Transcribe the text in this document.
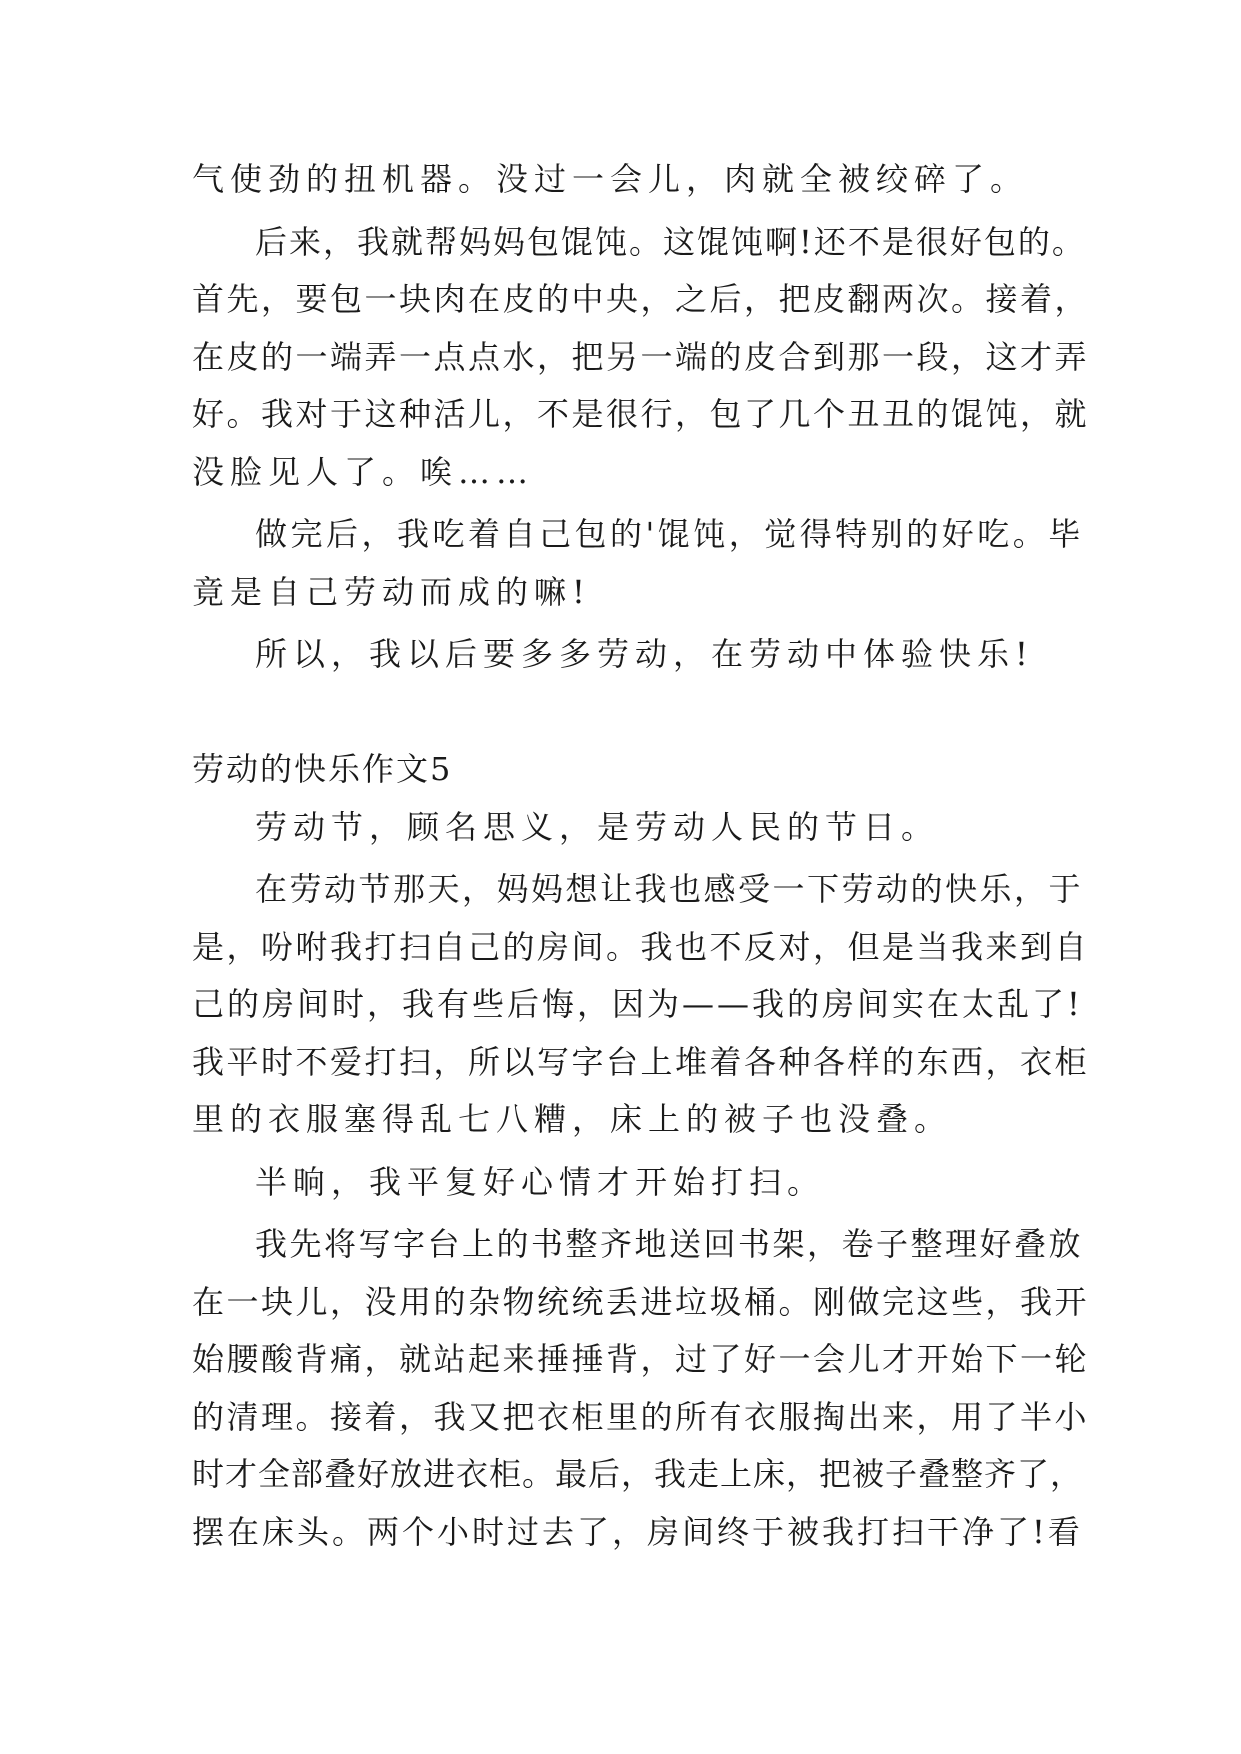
气使劲的扭机器。没过一会儿，肉就全被绞碎了。
后来，我就帮妈妈包馄饨。这馄饨啊!还不是很好包的。
首先，要包一块肉在皮的中央，之后，把皮翻两次。接着，
在皮的一端弄一点点水，把另一端的皮合到那一段，这才弄
好。我对于这种活儿，不是很行，包了几个丑丑的馄饨，就
没脸见人了。唉……
做完后，我吃着自己包的'馄饨，觉得特别的好吃。毕
竟是自己劳动而成的嘛!
所以，我以后要多多劳动，在劳动中体验快乐!
劳动的快乐作文5
劳动节，顾名思义，是劳动人民的节日。
在劳动节那天，妈妈想让我也感受一下劳动的快乐，于
是，吩咐我打扫自己的房间。我也不反对，但是当我来到自
己的房间时，我有些后悔，因为——我的房间实在太乱了!
我平时不爱打扫，所以写字台上堆着各种各样的东西，衣柜
里的衣服塞得乱七八糟，床上的被子也没叠。
半晌，我平复好心情才开始打扫。
我先将写字台上的书整齐地送回书架，卷子整理好叠放
在一块儿，没用的杂物统统丢进垃圾桶。刚做完这些，我开
始腰酸背痛，就站起来捶捶背，过了好一会儿才开始下一轮
的清理。接着，我又把衣柜里的所有衣服掏出来，用了半小
时才全部叠好放进衣柜。最后，我走上床，把被子叠整齐了，
摆在床头。两个小时过去了，房间终于被我打扫干净了!看
